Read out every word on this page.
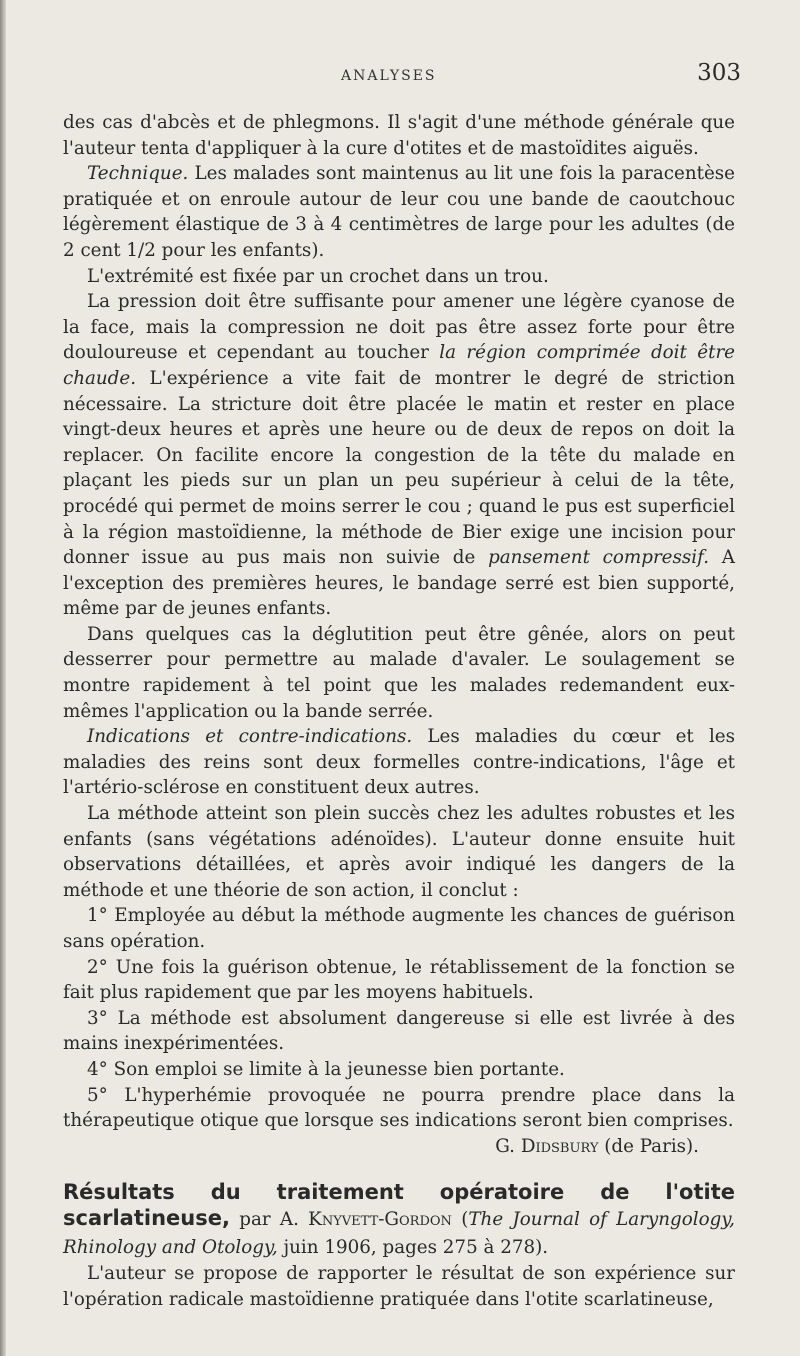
ANALYSES	303

des cas d'abcès et de phlegmons. Il s'agit d'une méthode générale que l'auteur tenta d'appliquer à la cure d'otites et de mastoïdites aiguës.

Technique. Les malades sont maintenus au lit une fois la paracentèse pratiquée et on enroule autour de leur cou une bande de caoutchouc légèrement élastique de 3 à 4 centimètres de large pour les adultes (de 2 cent 1/2 pour les enfants).

L'extrémité est fixée par un crochet dans un trou.

La pression doit être suffisante pour amener une légère cyanose de la face, mais la compression ne doit pas être assez forte pour être douloureuse et cependant au toucher la région comprimée doit être chaude. L'expérience a vite fait de montrer le degré de striction nécessaire. La stricture doit être placée le matin et rester en place vingt-deux heures et après une heure ou de deux de repos on doit la replacer. On facilite encore la congestion de la tête du malade en plaçant les pieds sur un plan un peu supérieur à celui de la tête, procédé qui permet de moins serrer le cou ; quand le pus est superficiel à la région mastoïdienne, la méthode de Bier exige une incision pour donner issue au pus mais non suivie de pansement compressif. A l'exception des premières heures, le bandage serré est bien supporté, même par de jeunes enfants.

Dans quelques cas la déglutition peut être gênée, alors on peut desserrer pour permettre au malade d'avaler. Le soulagement se montre rapidement à tel point que les malades redemandent eux-mêmes l'application ou la bande serrée.

Indications et contre-indications. Les maladies du cœur et les maladies des reins sont deux formelles contre-indications, l'âge et l'artério-sclérose en constituent deux autres.

La méthode atteint son plein succès chez les adultes robustes et les enfants (sans végétations adénoïdes). L'auteur donne ensuite huit observations détaillées, et après avoir indiqué les dangers de la méthode et une théorie de son action, il conclut :

1° Employée au début la méthode augmente les chances de guérison sans opération.

2° Une fois la guérison obtenue, le rétablissement de la fonction se fait plus rapidement que par les moyens habituels.

3° La méthode est absolument dangereuse si elle est livrée à des mains inexpérimentées.

4° Son emploi se limite à la jeunesse bien portante.

5° L'hyperhémie provoquée ne pourra prendre place dans la thérapeutique otique que lorsque ses indications seront bien comprises.

G. Didsbury (de Paris).

Résultats du traitement opératoire de l'otite scarlatineuse, par A. Knyvett-Gordon (The Journal of Laryngology, Rhinology and Otology, juin 1906, pages 275 à 278).

L'auteur se propose de rapporter le résultat de son expérience sur l'opération radicale mastoïdienne pratiquée dans l'otite scarlatineuse,
